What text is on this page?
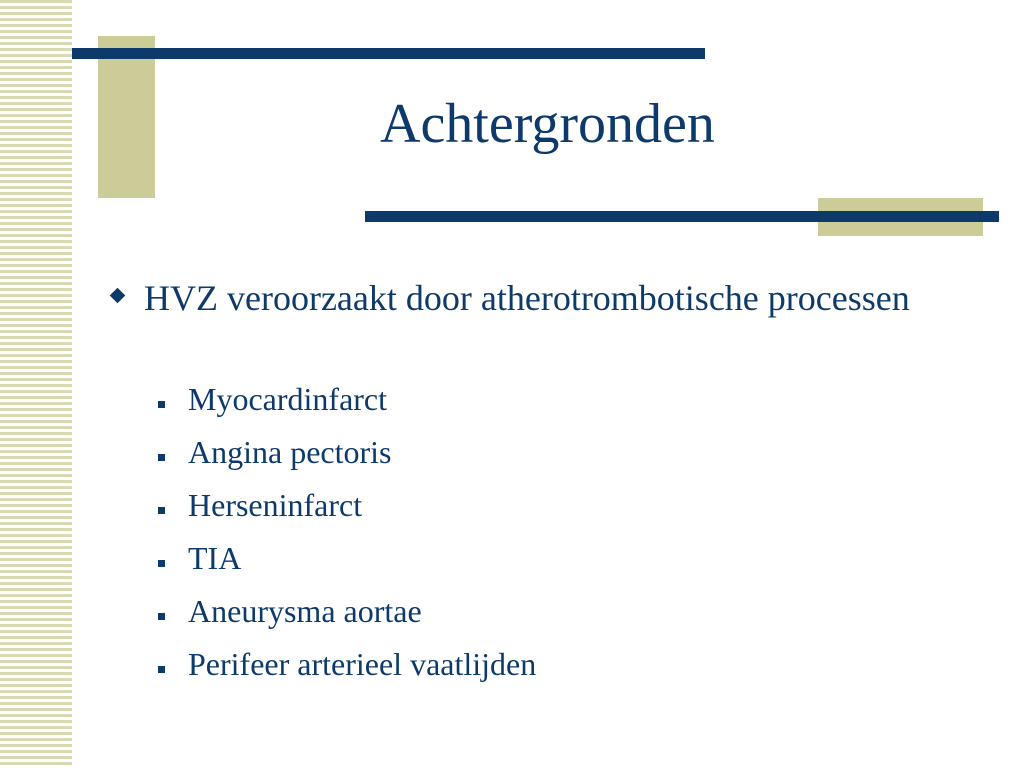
Achtergronden
HVZ veroorzaakt door atherotrombotische processen
Myocardinfarct
Angina pectoris
Herseninfarct
TIA
Aneurysma aortae
Perifeer arterieel vaatlijden
